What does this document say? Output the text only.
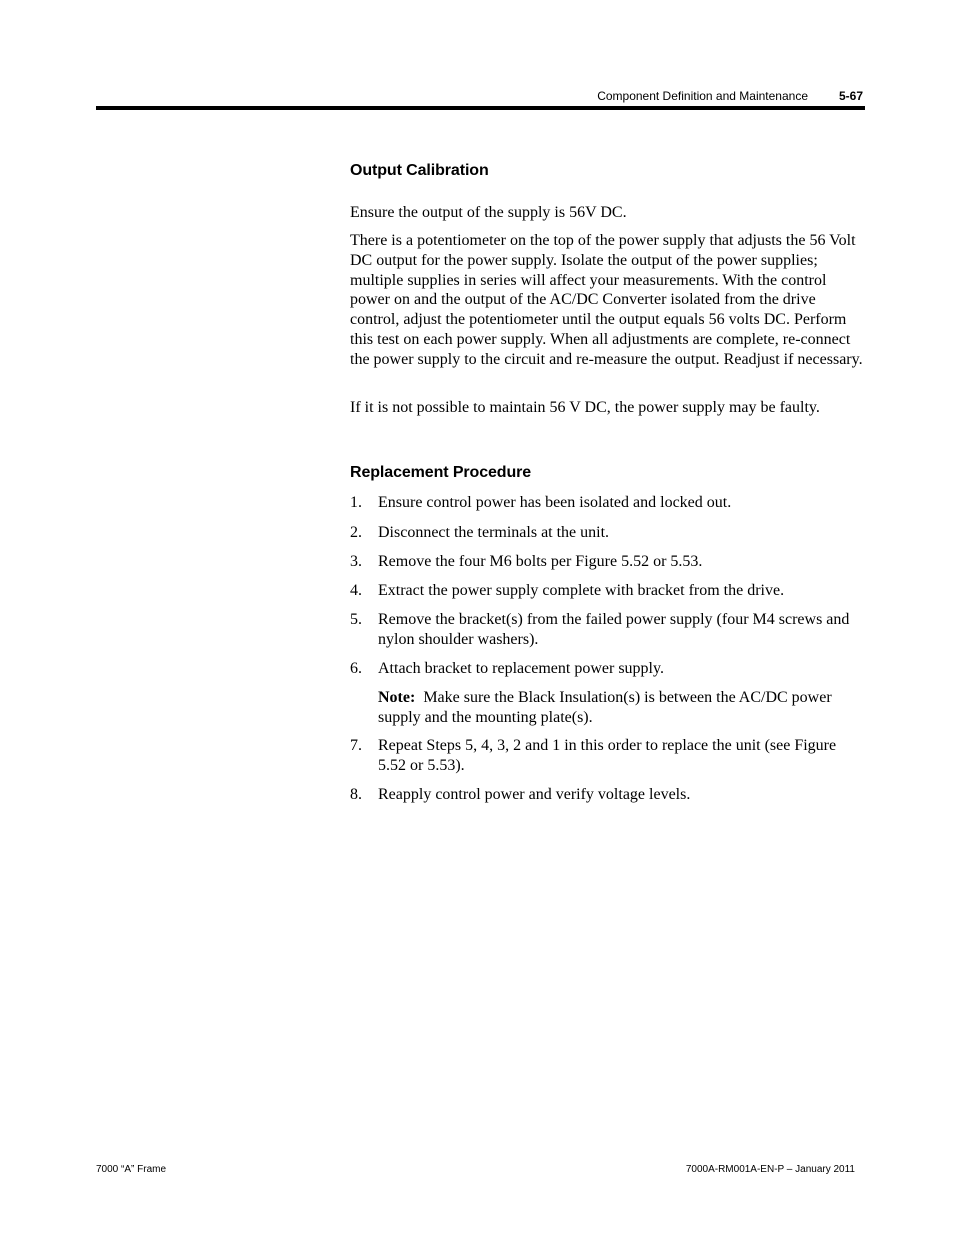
Component Definition and Maintenance	5-67
Output Calibration

Ensure the output of the supply is 56V DC.

There is a potentiometer on the top of the power supply that adjusts the 56 Volt DC output for the power supply. Isolate the output of the power supplies; multiple supplies in series will affect your measurements. With the control power on and the output of the AC/DC Converter isolated from the drive control, adjust the potentiometer until the output equals 56 volts DC. Perform this test on each power supply. When all adjustments are complete, re-connect the power supply to the circuit and re-measure the output. Readjust if necessary.

If it is not possible to maintain 56 V DC, the power supply may be faulty.

Replacement Procedure
1. Ensure control power has been isolated and locked out.
2. Disconnect the terminals at the unit.
3. Remove the four M6 bolts per Figure 5.52 or 5.53.
4. Extract the power supply complete with bracket from the drive.
5. Remove the bracket(s) from the failed power supply (four M4 screws and nylon shoulder washers).
6. Attach bracket to replacement power supply.

Note: Make sure the Black Insulation(s) is between the AC/DC power supply and the mounting plate(s).

7. Repeat Steps 5, 4, 3, 2 and 1 in this order to replace the unit (see Figure 5.52 or 5.53).
8. Reapply control power and verify voltage levels.
7000 “A” Frame	7000A-RM001A-EN-P – January 2011
